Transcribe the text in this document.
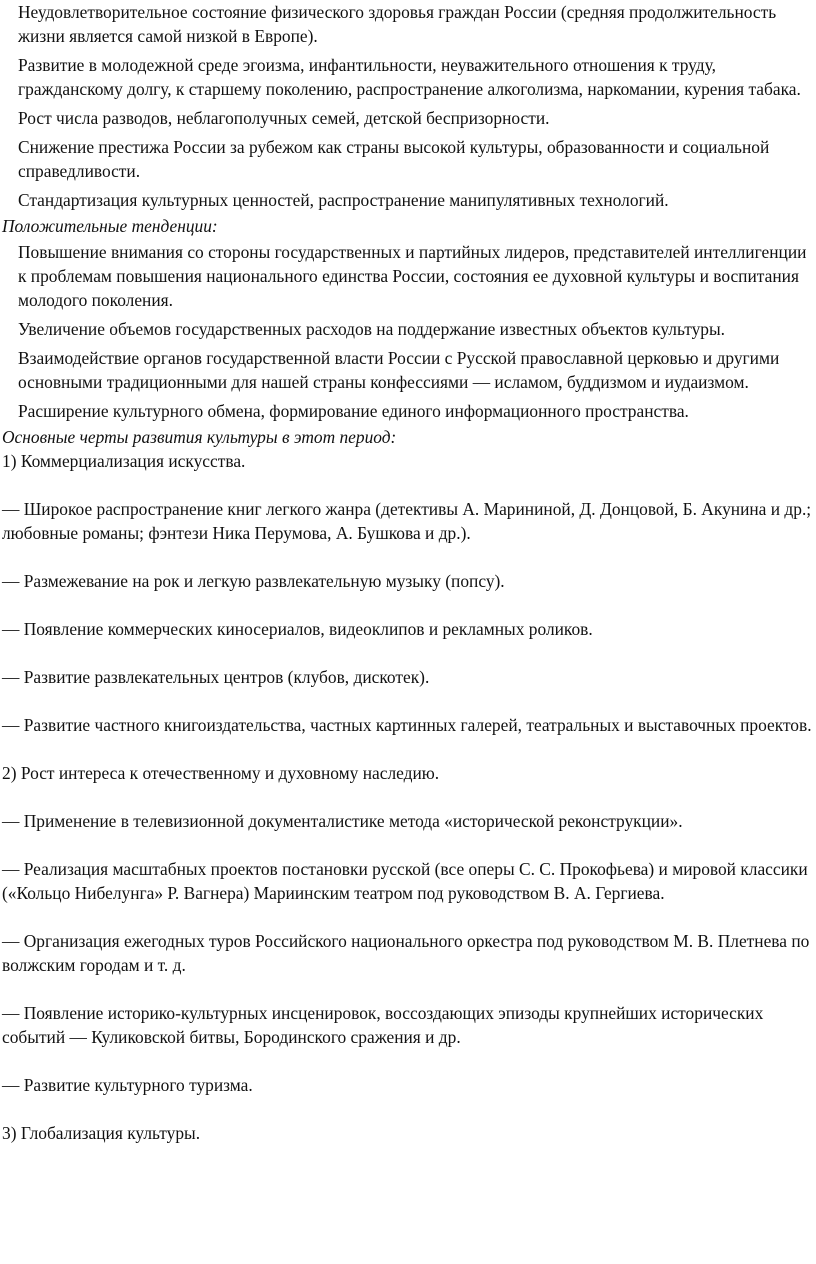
Неудовлетворительное состояние физического здоровья граждан России (средняя продолжительность жизни является самой низкой в Европе).

Развитие в молодежной среде эгоизма, инфантильности, неуважительного отношения к труду, гражданскому долгу, к старшему поколению, распространение алкоголизма, наркомании, курения табака.

Рост числа разводов, неблагополучных семей, детской беспризорности.

Снижение престижа России за рубежом как страны высокой культуры, образованности и социальной справедливости.

Стандартизация культурных ценностей, распространение манипулятивных технологий.

Положительные тенденции:

Повышение внимания со стороны государственных и партийных лидеров, представителей интеллигенции к проблемам повышения национального единства России, состояния ее духовной культуры и воспитания молодого поколения.

Увеличение объемов государственных расходов на поддержание известных объектов культуры.

Взаимодействие органов государственной власти России с Русской православной церковью и другими основными традиционными для нашей страны конфессиями — исламом, буддизмом и иудаизмом.

Расширение культурного обмена, формирование единого информационного пространства.

Основные черты развития культуры в этот период:

1) Коммерциализация искусства.

— Широкое распространение книг легкого жанра (детективы А. Марининой, Д. Донцовой, Б. Акунина и др.; любовные романы; фэнтези Ника Перумова, А. Бушкова и др.).

— Размежевание на рок и легкую развлекательную музыку (попсу).

— Появление коммерческих киносериалов, видеоклипов и рекламных роликов.

— Развитие развлекательных центров (клубов, дискотек).

— Развитие частного книгоиздательства, частных картинных галерей, театральных и выставочных проектов.

2) Рост интереса к отечественному и духовному наследию.

— Применение в телевизионной документалистике метода «исторической реконструкции».

— Реализация масштабных проектов постановки русской (все оперы С. С. Прокофьева) и мировой классики («Кольцо Нибелунга» Р. Вагнера) Мариинским театром под руководством В. А. Гергиева.

— Организация ежегодных туров Российского национального оркестра под руководством М. В. Плетнева по волжским городам и т. д.

— Появление историко-культурных инсценировок, воссоздающих эпизоды крупнейших исторических событий — Куликовской битвы, Бородинского сражения и др.

— Развитие культурного туризма.

3) Глобализация культуры.
